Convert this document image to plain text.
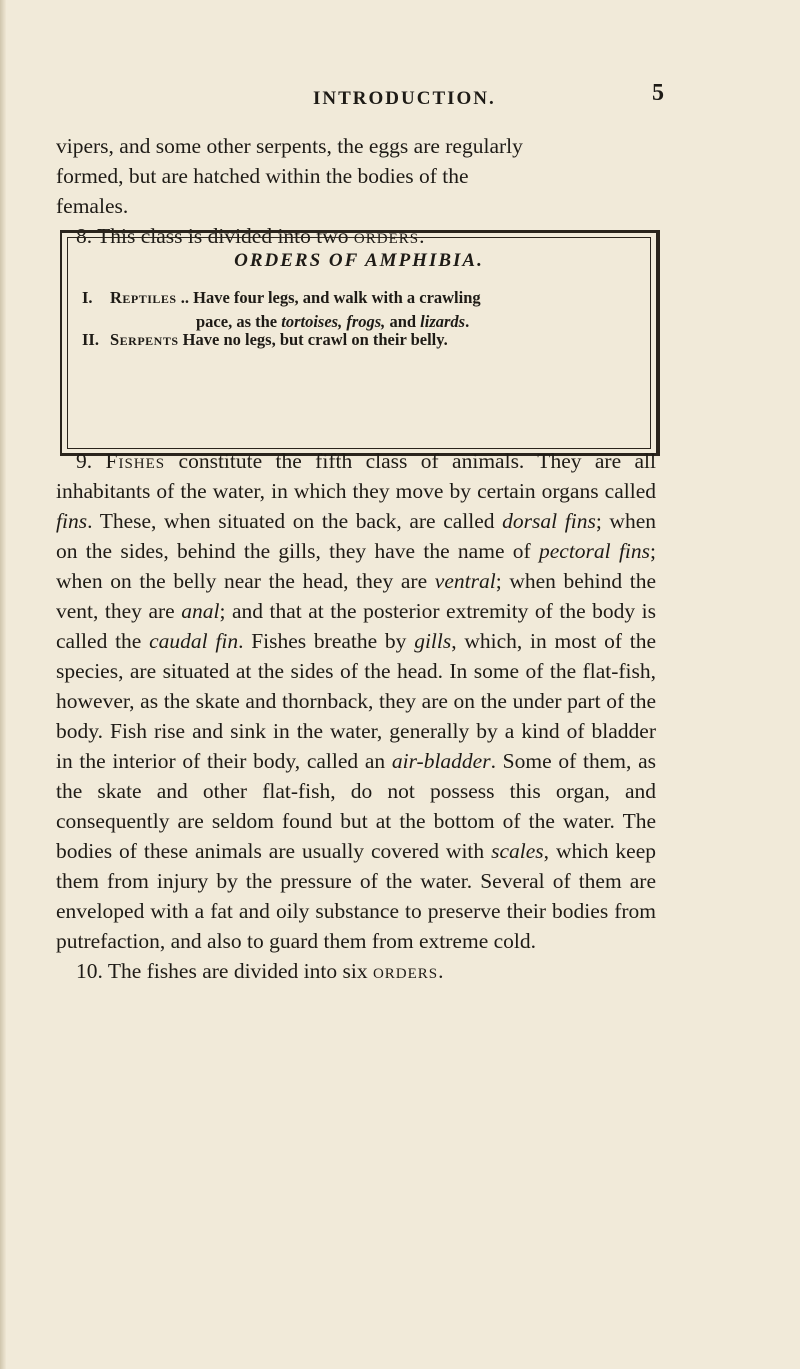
INTRODUCTION.	5

vipers, and some other serpents, the eggs are regularly

formed, but are hatched within the bodies of the

females.

8. This class is divided into two orders.

ORDERS OF AMPHIBIA.
I. Reptiles .. Have four legs, and walk with a crawling
pace, as the tortoises, frogs, and lizards.
II. Serpents Have no legs, but crawl on their belly.

9. Fishes constitute the fifth class of animals. They are all inhabitants of the water, in which they move by certain organs called fins. These, when situated on the back, are called dorsal fins; when on the sides, behind the gills, they have the name of pectoral fins; when on the belly near the head, they are ventral; when behind the vent, they are anal; and that at the posterior extremity of the body is called the caudal fin. Fishes breathe by gills, which, in most of the species, are situated at the sides of the head. In some of the flat-fish, however, as the skate and thornback, they are on the under part of the body. Fish rise and sink in the water, generally by a kind of bladder in the interior of their body, called an air-bladder. Some of them, as the skate and other flat-fish, do not possess this organ, and consequently are seldom found but at the bottom of the water. The bodies of these animals are usually covered with scales, which keep them from injury by the pressure of the water. Several of them are enveloped with a fat and oily substance to preserve their bodies from putrefaction, and also to guard them from extreme cold.

10. The fishes are divided into six orders.
